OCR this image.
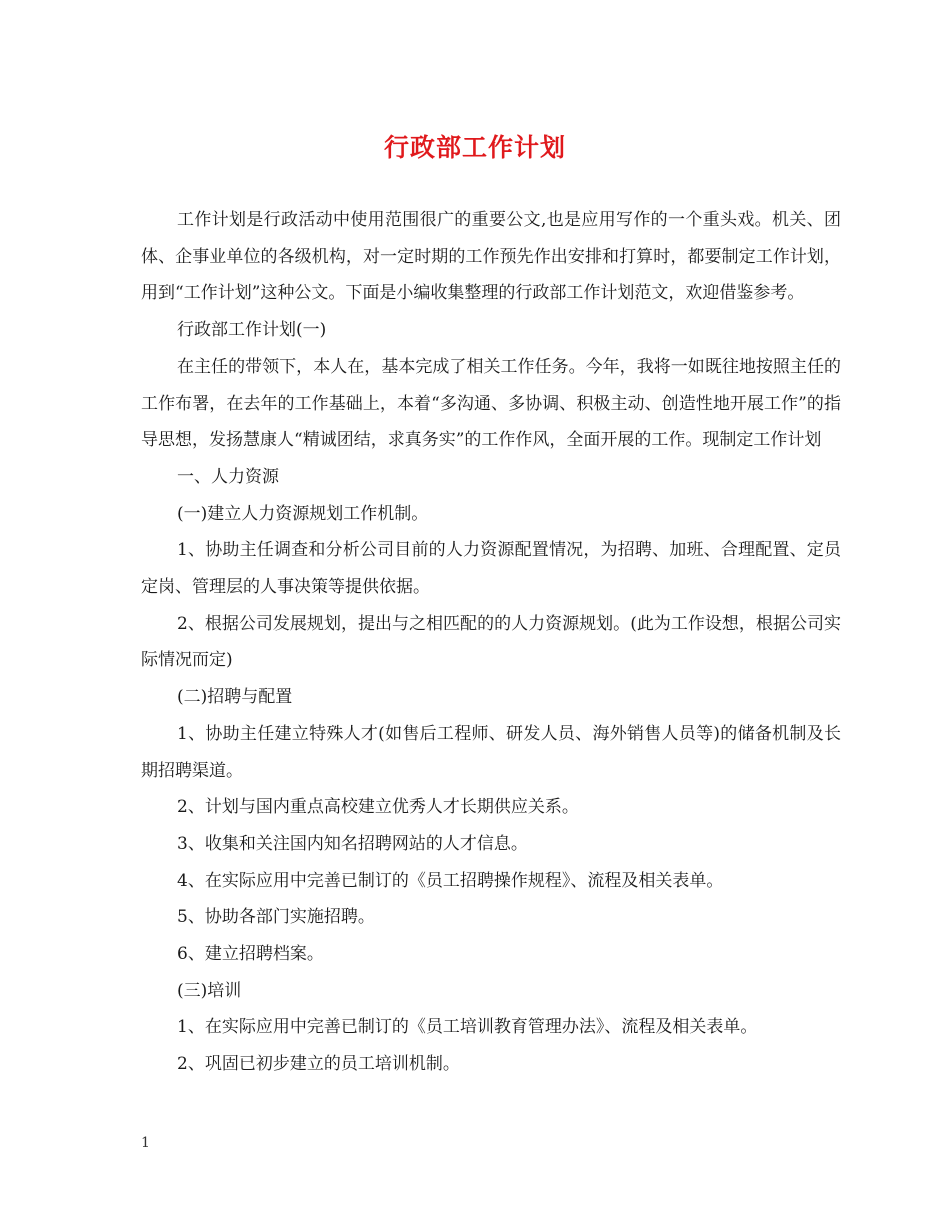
行政部工作计划

工作计划是行政活动中使用范围很广的重要公文,也是应用写作的一个重头戏。机关、团体、企事业单位的各级机构，对一定时期的工作预先作出安排和打算时，都要制定工作计划，用到“工作计划”这种公文。下面是小编收集整理的行政部工作计划范文，欢迎借鉴参考。

行政部工作计划(一)

在主任的带领下，本人在，基本完成了相关工作任务。今年，我将一如既往地按照主任的工作布署，在去年的工作基础上，本着“多沟通、多协调、积极主动、创造性地开展工作”的指导思想，发扬慧康人“精诚团结，求真务实”的工作作风，全面开展的工作。现制定工作计划

一、人力资源

(一)建立人力资源规划工作机制。

1、协助主任调查和分析公司目前的人力资源配置情况，为招聘、加班、合理配置、定员定岗、管理层的人事决策等提供依据。

2、根据公司发展规划，提出与之相匹配的的人力资源规划。(此为工作设想，根据公司实际情况而定)

(二)招聘与配置

1、协助主任建立特殊人才(如售后工程师、研发人员、海外销售人员等)的储备机制及长期招聘渠道。

2、计划与国内重点高校建立优秀人才长期供应关系。

3、收集和关注国内知名招聘网站的人才信息。

4、在实际应用中完善已制订的《员工招聘操作规程》、流程及相关表单。

5、协助各部门实施招聘。

6、建立招聘档案。

(三)培训

1、在实际应用中完善已制订的《员工培训教育管理办法》、流程及相关表单。

2、巩固已初步建立的员工培训机制。

1
